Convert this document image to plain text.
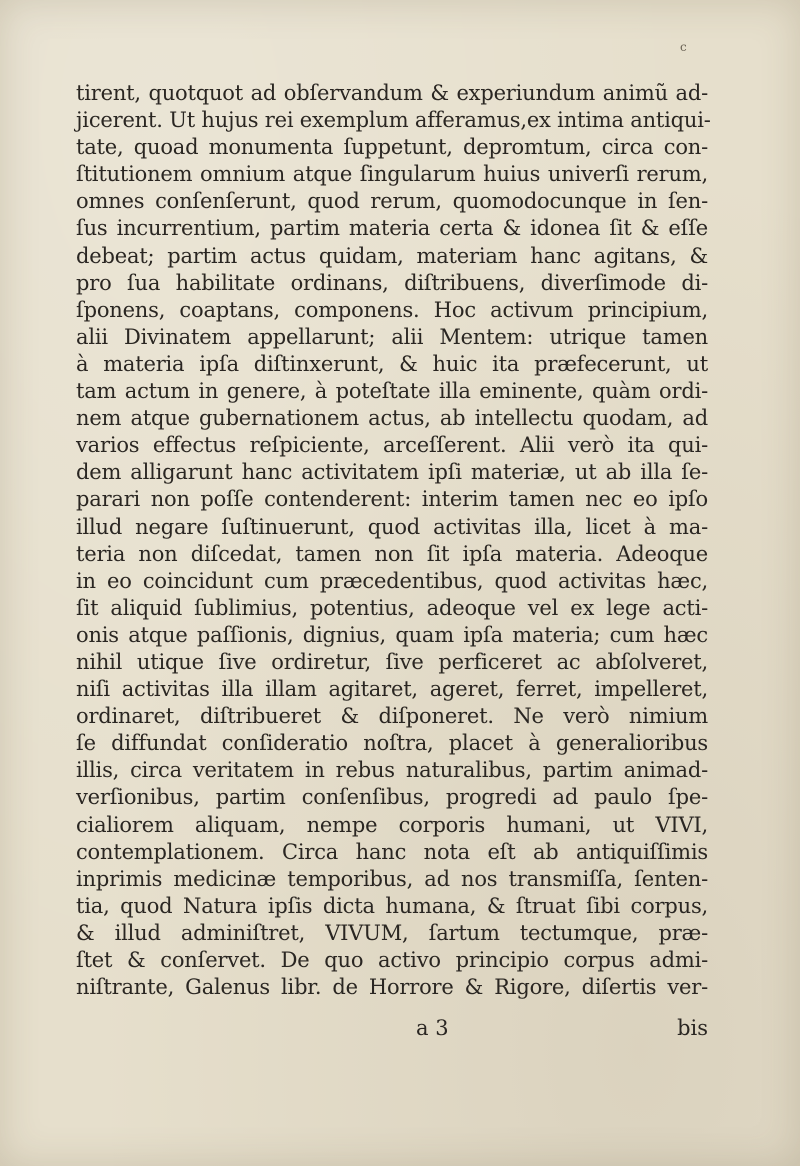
c
tirent, quotquot ad obſervandum & experiundum animũ ad-
jicerent. Ut hujus rei exemplum afferamus,ex intima antiqui-
tate, quoad monumenta ſuppetunt, depromtum, circa con-
ſtitutionem omnium atque ſingularum huius univerſi rerum,
omnes conſenſerunt, quod rerum, quomodocunque in ſen-
ſus incurrentium, partim materia certa & idonea ſit & eſſe
debeat; partim actus quidam, materiam hanc agitans, &
pro ſua habilitate ordinans, diſtribuens, diverſimode di-
ſponens, coaptans, componens. Hoc activum principium,
alii Divinatem appellarunt; alii Mentem: utrique tamen
à materia ipſa diſtinxerunt, & huic ita præfecerunt, ut
tam actum in genere, à poteſtate illa eminente, quàm ordi-
nem atque gubernationem actus, ab intellectu quodam, ad
varios effectus reſpiciente, arceſſerent. Alii verò ita qui-
dem alligarunt hanc activitatem ipſi materiæ, ut ab illa ſe-
parari non poſſe contenderent: interim tamen nec eo ipſo
illud negare ſuſtinuerunt, quod activitas illa, licet à ma-
teria non diſcedat, tamen non ſit ipſa materia. Adeoque
in eo coincidunt cum præcedentibus, quod activitas hæc,
ſit aliquid ſublimius, potentius, adeoque vel ex lege acti-
onis atque paſſionis, dignius, quam ipſa materia; cum hæc
nihil utique ſive ordiretur, ſive perficeret ac abſolveret,
niſi activitas illa illam agitaret, ageret, ferret, impelleret,
ordinaret, diſtribueret & diſponeret. Ne verò nimium
ſe diffundat conſideratio noſtra, placet à generalioribus
illis, circa veritatem in rebus naturalibus, partim animad-
verſionibus, partim conſenſibus, progredi ad paulo ſpe-
cialiorem aliquam, nempe corporis humani, ut VIVI,
contemplationem. Circa hanc nota eſt ab antiquiſſimis
inprimis medicinæ temporibus, ad nos transmiſſa, ſenten-
tia, quod Natura ipſis dicta humana, & ſtruat ſibi corpus,
& illud adminiſtret, VIVUM, ſartum tectumque, præ-
ſtet & conſervet. De quo activo principio corpus admi-
niſtrante, Galenus libr. de Horrore & Rigore, diſertis ver-
a 3	bis
